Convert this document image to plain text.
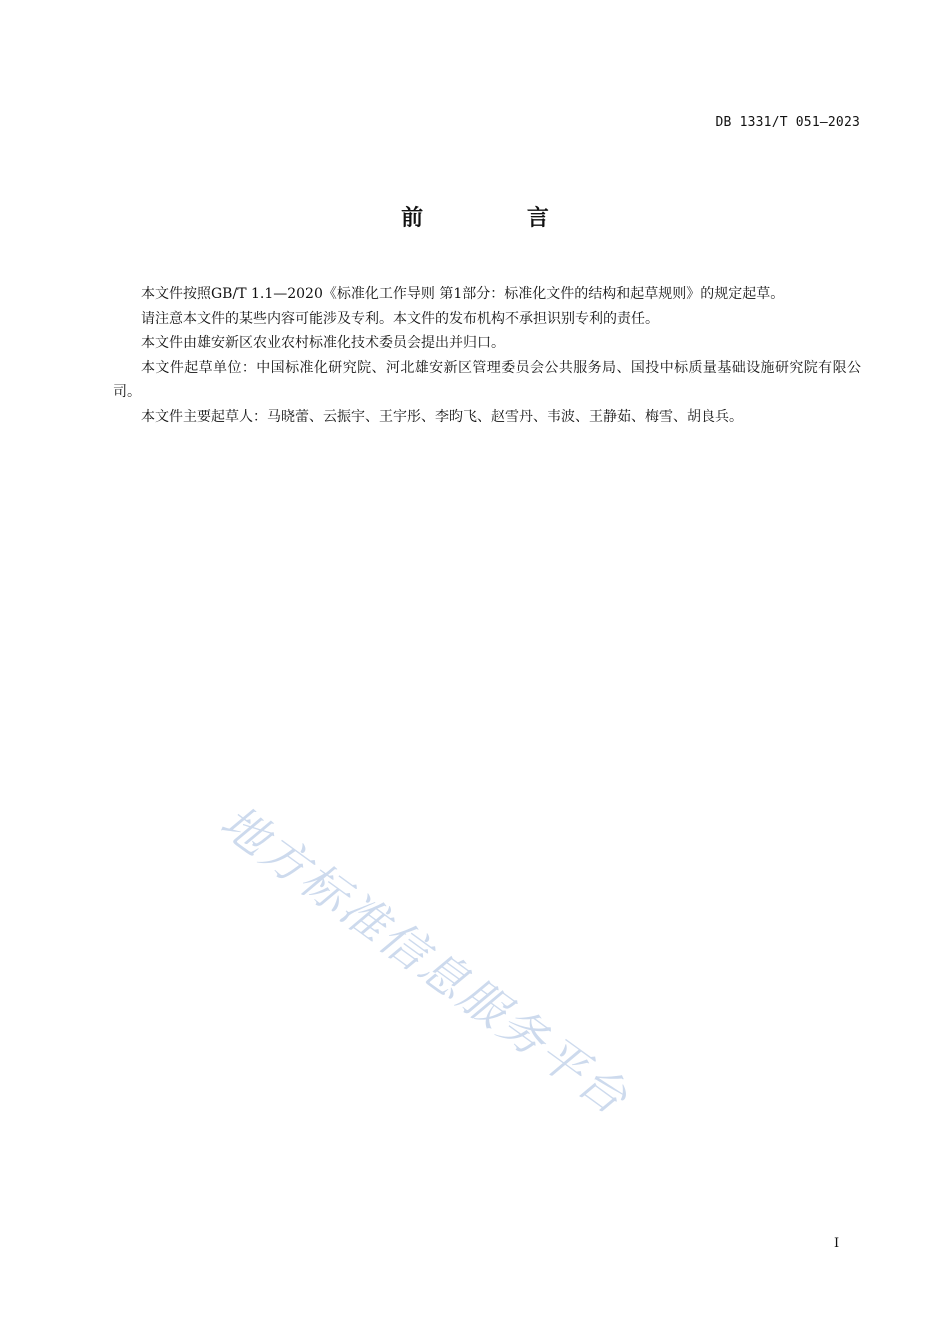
DB 1331/T 051—2023
前 言

本文件按照GB/T 1.1—2020《标准化工作导则 第1部分：标准化文件的结构和起草规则》的规定起草。

请注意本文件的某些内容可能涉及专利。本文件的发布机构不承担识别专利的责任。

本文件由雄安新区农业农村标准化技术委员会提出并归口。

本文件起草单位：中国标准化研究院、河北雄安新区管理委员会公共服务局、国投中标质量基础设施研究院有限公司。

本文件主要起草人：马晓蕾、云振宇、王宇彤、李昀飞、赵雪丹、韦波、王静茹、梅雪、胡良兵。

地方标准信息服务平台
I
